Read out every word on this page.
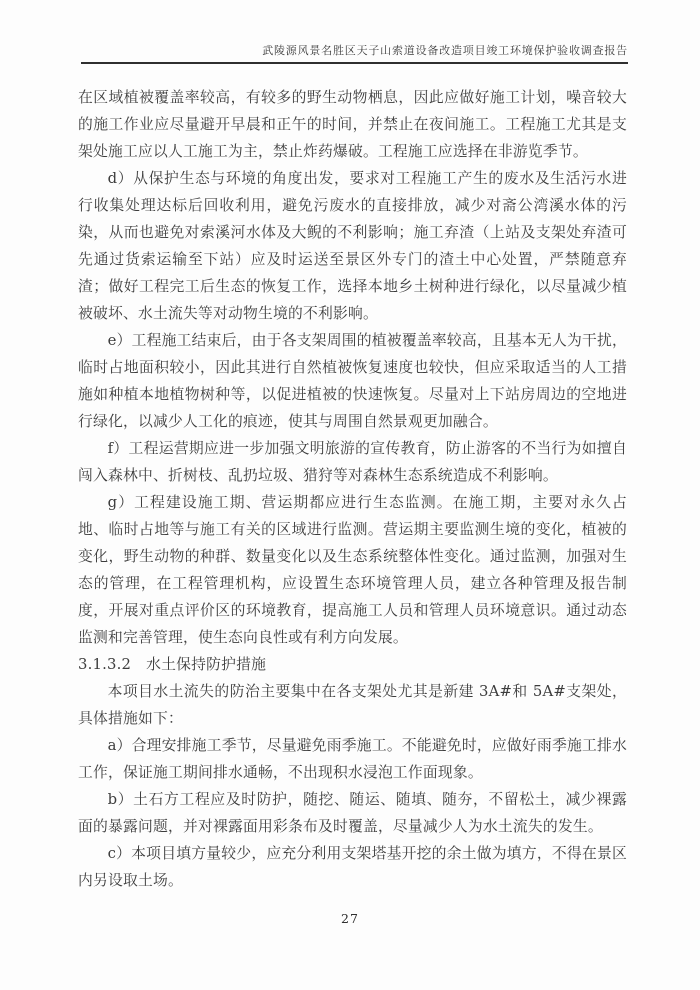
武陵源风景名胜区天子山索道设备改造项目竣工环境保护验收调查报告

在区域植被覆盖率较高，有较多的野生动物栖息，因此应做好施工计划，噪音较大的施工作业应尽量避开早晨和正午的时间，并禁止在夜间施工。工程施工尤其是支架处施工应以人工施工为主，禁止炸药爆破。工程施工应选择在非游览季节。

d）从保护生态与环境的角度出发，要求对工程施工产生的废水及生活污水进行收集处理达标后回收利用，避免污废水的直接排放，减少对斋公湾溪水体的污染，从而也避免对索溪河水体及大鲵的不利影响；施工弃渣（上站及支架处弃渣可先通过货索运输至下站）应及时运送至景区外专门的渣土中心处置，严禁随意弃渣；做好工程完工后生态的恢复工作，选择本地乡土树种进行绿化，以尽量减少植被破坏、水土流失等对动物生境的不利影响。

e）工程施工结束后，由于各支架周围的植被覆盖率较高，且基本无人为干扰，临时占地面积较小，因此其进行自然植被恢复速度也较快，但应采取适当的人工措施如种植本地植物树种等，以促进植被的快速恢复。尽量对上下站房周边的空地进行绿化，以减少人工化的痕迹，使其与周围自然景观更加融合。

f）工程运营期应进一步加强文明旅游的宣传教育，防止游客的不当行为如擅自闯入森林中、折树枝、乱扔垃圾、猎狩等对森林生态系统造成不利影响。

g）工程建设施工期、营运期都应进行生态监测。在施工期，主要对永久占地、临时占地等与施工有关的区域进行监测。营运期主要监测生境的变化，植被的变化，野生动物的种群、数量变化以及生态系统整体性变化。通过监测，加强对生态的管理，在工程管理机构，应设置生态环境管理人员，建立各种管理及报告制度，开展对重点评价区的环境教育，提高施工人员和管理人员环境意识。通过动态监测和完善管理，使生态向良性或有利方向发展。

3.1.3.2　水土保持防护措施

本项目水土流失的防治主要集中在各支架处尤其是新建 3A#和 5A#支架处，具体措施如下：

a）合理安排施工季节，尽量避免雨季施工。不能避免时，应做好雨季施工排水工作，保证施工期间排水通畅，不出现积水浸泡工作面现象。

b）土石方工程应及时防护，随挖、随运、随填、随夯，不留松土，减少裸露面的暴露问题，并对裸露面用彩条布及时覆盖，尽量减少人为水土流失的发生。

c）本项目填方量较少，应充分利用支架塔基开挖的余土做为填方，不得在景区内另设取土场。

27
